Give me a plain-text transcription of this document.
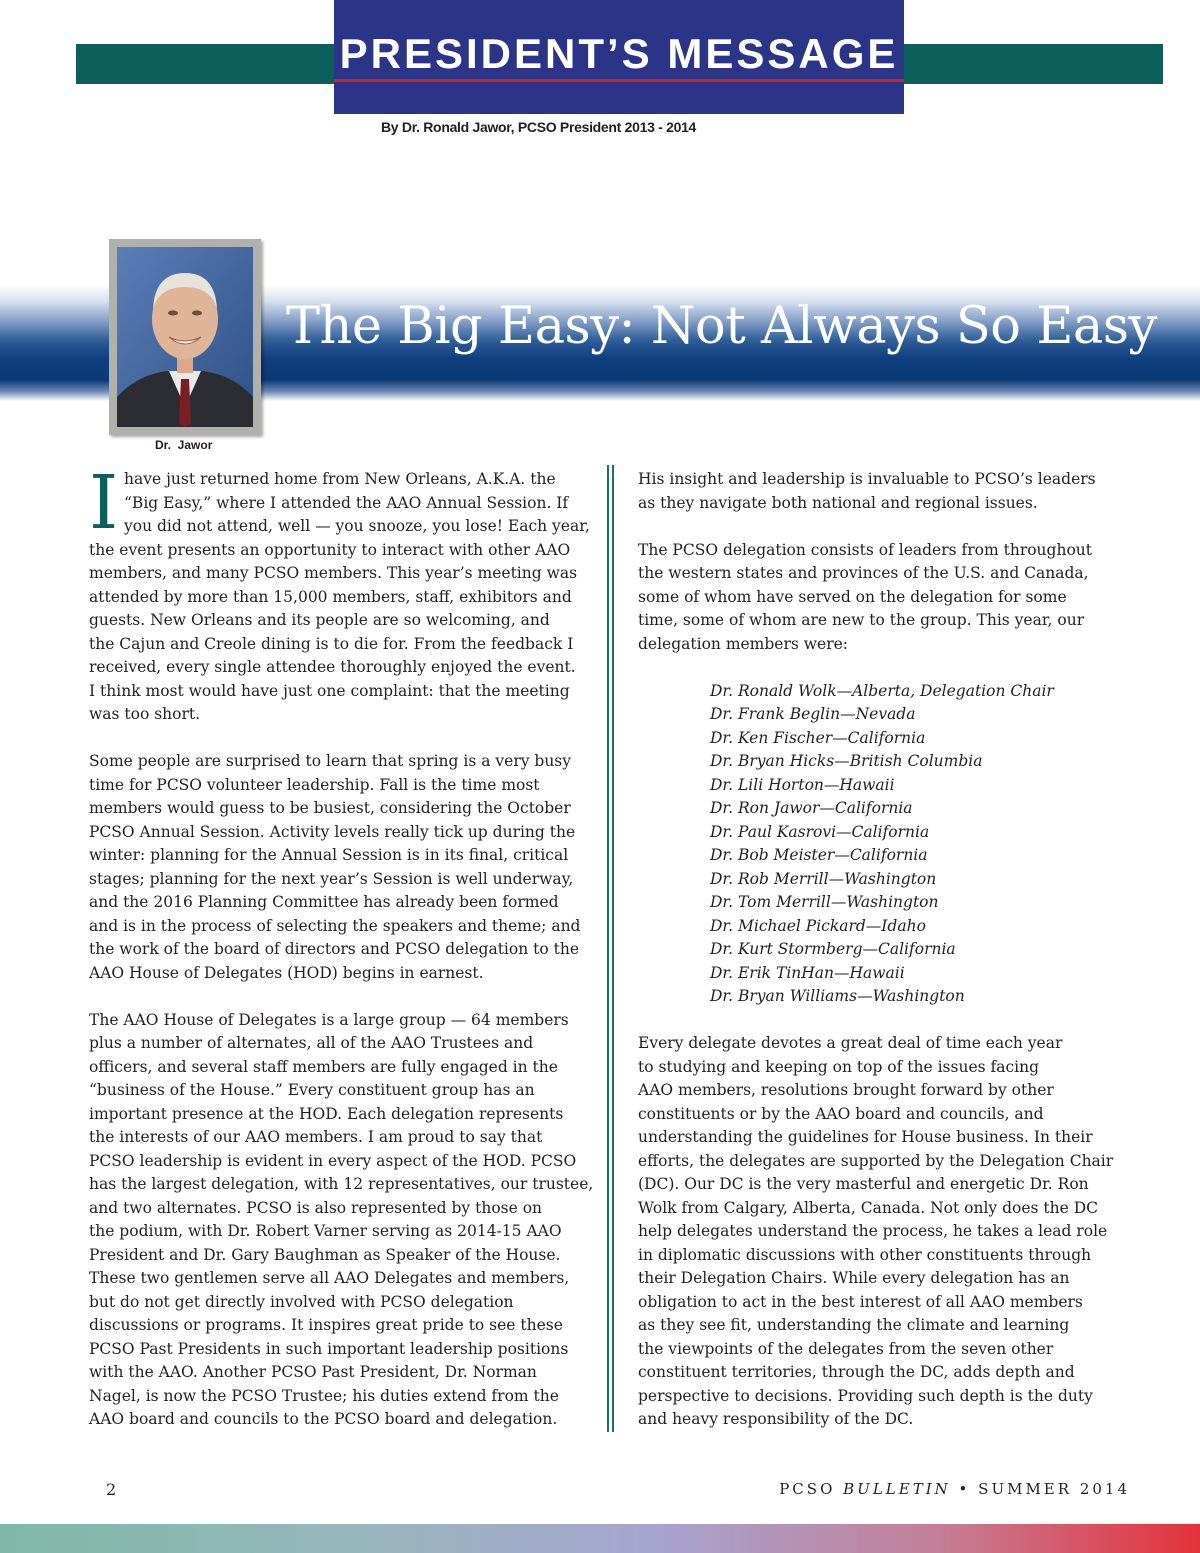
PRESIDENT’S MESSAGE
By Dr. Ronald Jawor, PCSO President 2013 - 2014
The Big Easy: Not Always So Easy
Dr.  Jawor
I have just returned home from New Orleans, A.K.A. the
“Big Easy,” where I attended the AAO Annual Session. If
you did not attend, well — you snooze, you lose! Each year,
the event presents an opportunity to interact with other AAO
members, and many PCSO members. This year’s meeting was
attended by more than 15,000 members, staff, exhibitors and
guests. New Orleans and its people are so welcoming, and
the Cajun and Creole dining is to die for. From the feedback I
received, every single attendee thoroughly enjoyed the event.
I think most would have just one complaint: that the meeting
was too short.
Some people are surprised to learn that spring is a very busy
time for PCSO volunteer leadership. Fall is the time most
members would guess to be busiest, considering the October
PCSO Annual Session. Activity levels really tick up during the
winter: planning for the Annual Session is in its final, critical
stages; planning for the next year’s Session is well underway,
and the 2016 Planning Committee has already been formed
and is in the process of selecting the speakers and theme; and
the work of the board of directors and PCSO delegation to the
AAO House of Delegates (HOD) begins in earnest.
The AAO House of Delegates is a large group — 64 members
plus a number of alternates, all of the AAO Trustees and
officers, and several staff members are fully engaged in the
“business of the House.” Every constituent group has an
important presence at the HOD. Each delegation represents
the interests of our AAO members. I am proud to say that
PCSO leadership is evident in every aspect of the HOD. PCSO
has the largest delegation, with 12 representatives, our trustee,
and two alternates. PCSO is also represented by those on
the podium, with Dr. Robert Varner serving as 2014-15 AAO
President and Dr. Gary Baughman as Speaker of the House.
These two gentlemen serve all AAO Delegates and members,
but do not get directly involved with PCSO delegation
discussions or programs. It inspires great pride to see these
PCSO Past Presidents in such important leadership positions
with the AAO. Another PCSO Past President, Dr. Norman
Nagel, is now the PCSO Trustee; his duties extend from the
AAO board and councils to the PCSO board and delegation.
His insight and leadership is invaluable to PCSO’s leaders
as they navigate both national and regional issues.
The PCSO delegation consists of leaders from throughout
the western states and provinces of the U.S. and Canada,
some of whom have served on the delegation for some
time, some of whom are new to the group. This year, our
delegation members were:
Dr. Ronald Wolk—Alberta, Delegation Chair
Dr. Frank Beglin—Nevada
Dr. Ken Fischer—California
Dr. Bryan Hicks—British Columbia
Dr. Lili Horton—Hawaii
Dr. Ron Jawor—California
Dr. Paul Kasrovi—California
Dr. Bob Meister—California
Dr. Rob Merrill—Washington
Dr. Tom Merrill—Washington
Dr. Michael Pickard—Idaho
Dr. Kurt Stormberg—California
Dr. Erik TinHan—Hawaii
Dr. Bryan Williams—Washington
Every delegate devotes a great deal of time each year
to studying and keeping on top of the issues facing
AAO members, resolutions brought forward by other
constituents or by the AAO board and councils, and
understanding the guidelines for House business. In their
efforts, the delegates are supported by the Delegation Chair
(DC). Our DC is the very masterful and energetic Dr. Ron
Wolk from Calgary, Alberta, Canada. Not only does the DC
help delegates understand the process, he takes a lead role
in diplomatic discussions with other constituents through
their Delegation Chairs. While every delegation has an
obligation to act in the best interest of all AAO members
as they see fit, understanding the climate and learning
the viewpoints of the delegates from the seven other
constituent territories, through the DC, adds depth and
perspective to decisions. Providing such depth is the duty
and heavy responsibility of the DC.
2	PCSO BULLETIN • SUMMER 2014
